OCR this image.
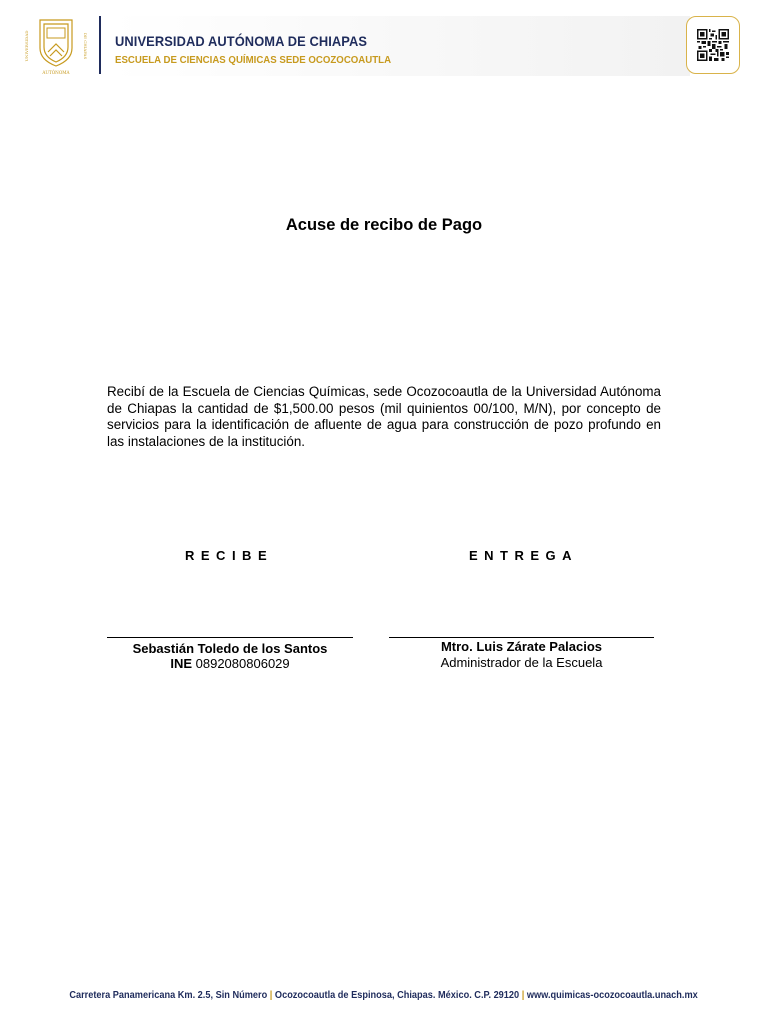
UNIVERSIDAD	DE CHIAPAS
AUTÓNOMA
UNIVERSIDAD AUTÓNOMA DE CHIAPAS
ESCUELA DE CIENCIAS QUÍMICAS SEDE OCOZOCOAUTLA
Acuse de recibo de Pago
Recibí de la Escuela de Ciencias Químicas, sede Ocozocoautla de la Universidad Autónoma de Chiapas la cantidad de $1,500.00 pesos (mil quinientos 00/100, M/N), por concepto de servicios para la identificación de afluente de agua para construcción de pozo profundo en las instalaciones de la institución.
RECIBE	ENTREGA
Sebastián Toledo de los Santos
INE 0892080806029
Mtro. Luis Zárate Palacios
Administrador de la Escuela
Carretera Panamericana Km. 2.5, Sin Número | Ocozocoautla de Espinosa, Chiapas. México. C.P. 29120 | www.quimicas-ocozocoautla.unach.mx
